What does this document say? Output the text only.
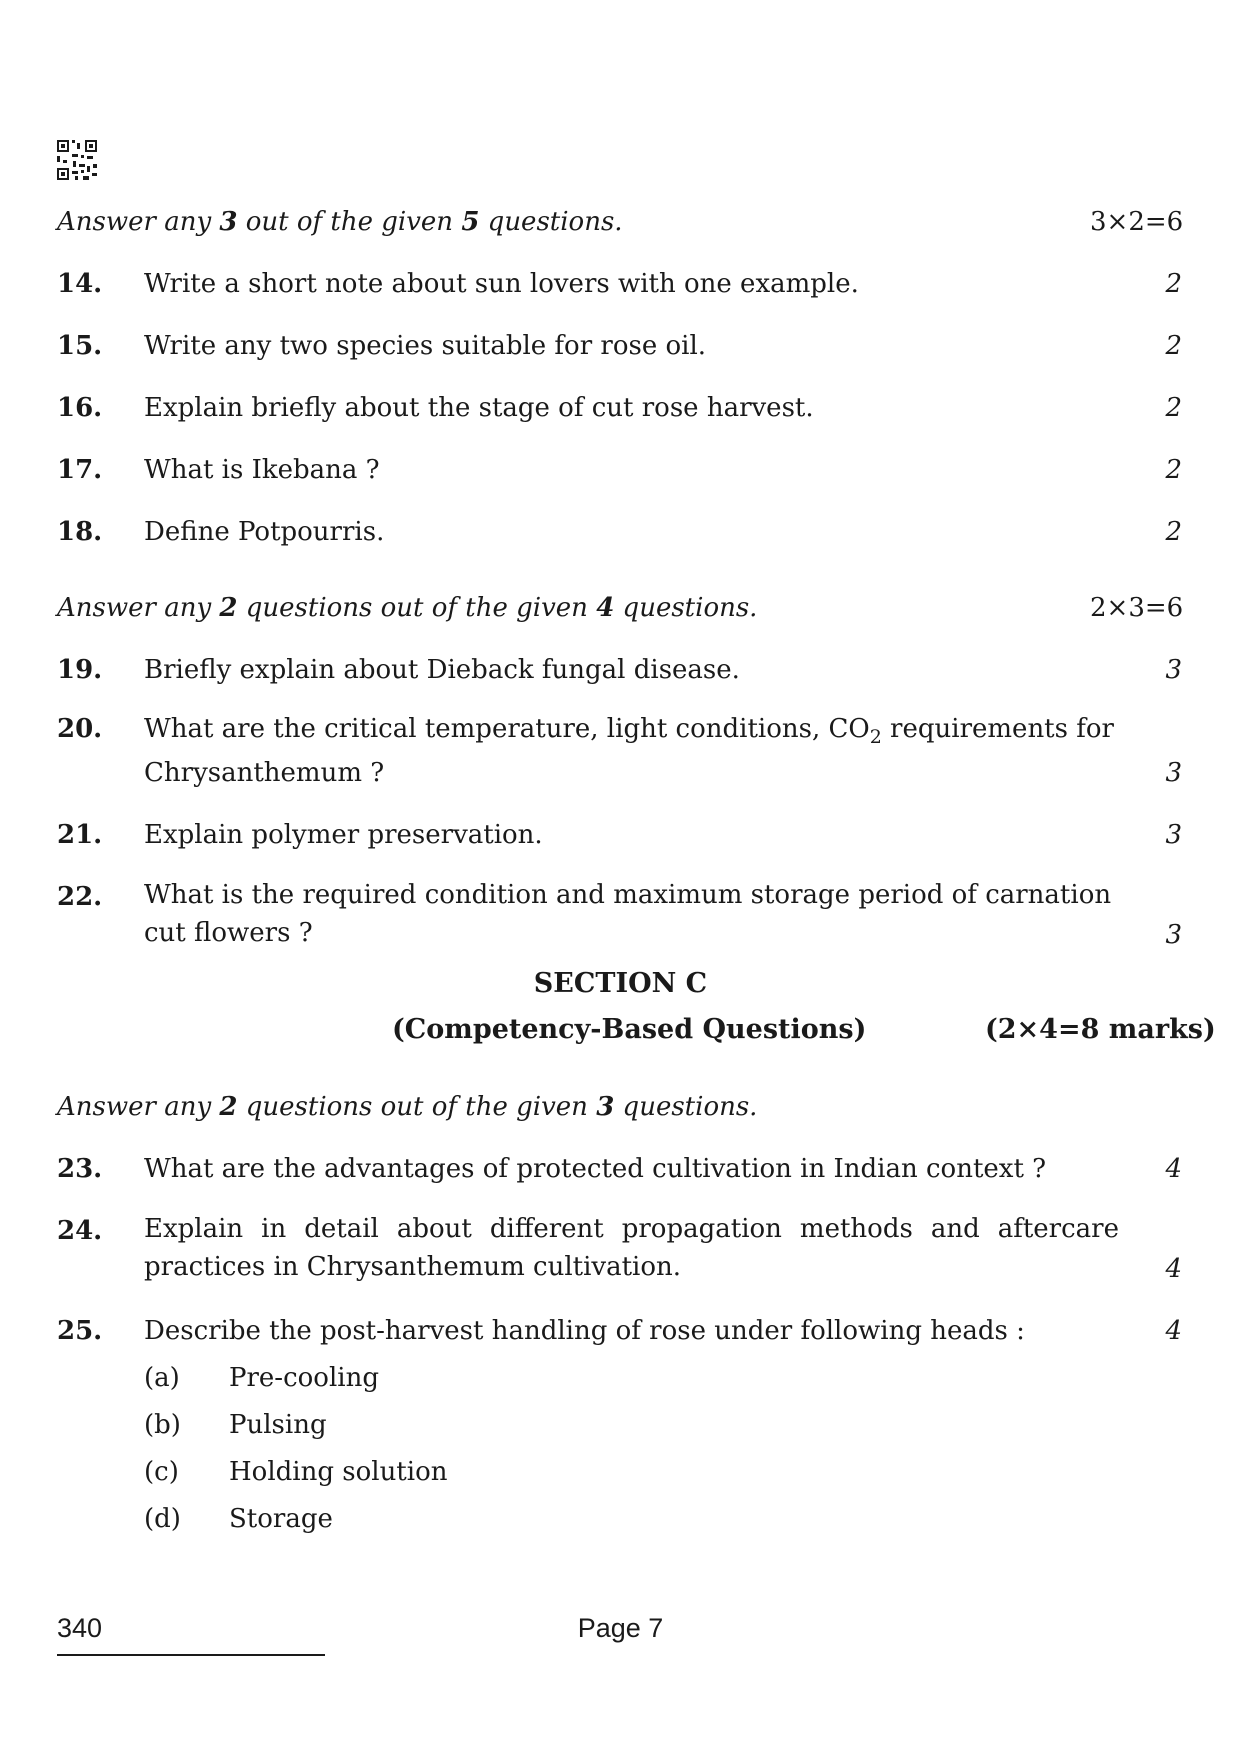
Answer any 3 out of the given 5 questions.	3×2=6
14. Write a short note about sun lovers with one example.	2
15. Write any two species suitable for rose oil.	2
16. Explain briefly about the stage of cut rose harvest.	2
17. What is Ikebana ?	2
18. Define Potpourris.	2
Answer any 2 questions out of the given 4 questions.	2×3=6
19. Briefly explain about Dieback fungal disease.	3
20. What are the critical temperature, light conditions, $CO_2$ requirements for
Chrysanthemum ?	3
21. Explain polymer preservation.	3
22. What is the required condition and maximum storage period of carnation cut flowers ?	3
SECTION C
(Competency-Based Questions)	(2×4=8 marks)
Answer any 2 questions out of the given 3 questions.
23. What are the advantages of protected cultivation in Indian context ?	4
24. Explain in detail about different propagation methods and aftercare practices in Chrysanthemum cultivation.	4
25. Describe the post-harvest handling of rose under following heads :	4
(a) Pre-cooling
(b) Pulsing
(c) Holding solution
(d) Storage
340	Page 7
